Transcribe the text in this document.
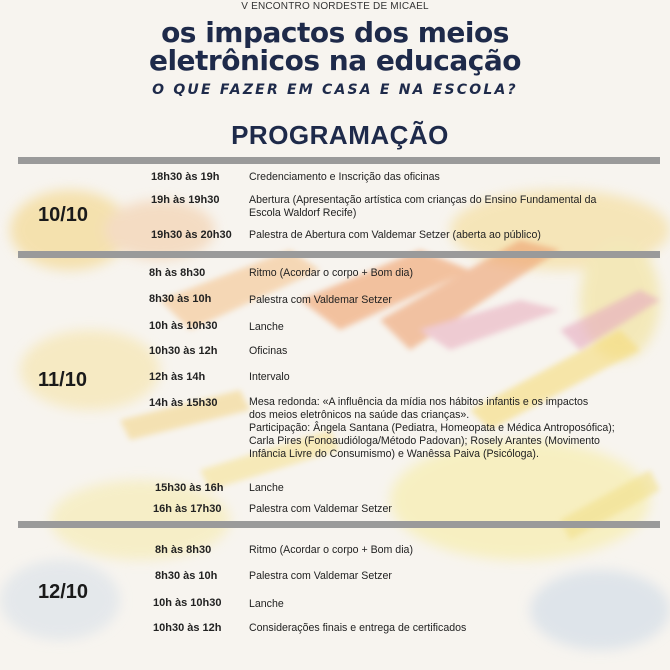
V ENCONTRO NORDESTE DE MICAEL
os impactos dos meios
eletrônicos na educação
O QUE FAZER EM CASA E NA ESCOLA?
PROGRAMAÇÃO
10/10
18h30 às 19h	Credenciamento e Inscrição das oficinas
19h às 19h30	Abertura (Apresentação artística com crianças do Ensino Fundamental da
Escola Waldorf Recife)
19h30 às 20h30 Palestra de Abertura com Valdemar Setzer (aberta ao público)
11/10
8h às 8h30	Ritmo (Acordar o corpo + Bom dia)
8h30 às 10h	Palestra com Valdemar Setzer
10h às 10h30	Lanche
10h30 às 12h	Oficinas
12h às 14h	Intervalo
14h às 15h30	Mesa redonda: «A influência da mídia nos hábitos infantis e os impactos
dos meios eletrônicos na saúde das crianças».
Participação: Ângela Santana (Pediatra, Homeopata e Médica Antroposófica);
Carla Pires (Fonoaudióloga/Método Padovan); Rosely Arantes (Movimento
Infância Livre do Consumismo) e Wanêssa Paiva (Psicóloga).
15h30 às 16h Lanche
16h às 17h30	Palestra com Valdemar Setzer
12/10
8h às 8h30	Ritmo (Acordar o corpo + Bom dia)
8h30 às 10h	Palestra com Valdemar Setzer
10h às 10h30	Lanche
10h30 às 12h	Considerações finais e entrega de certificados
